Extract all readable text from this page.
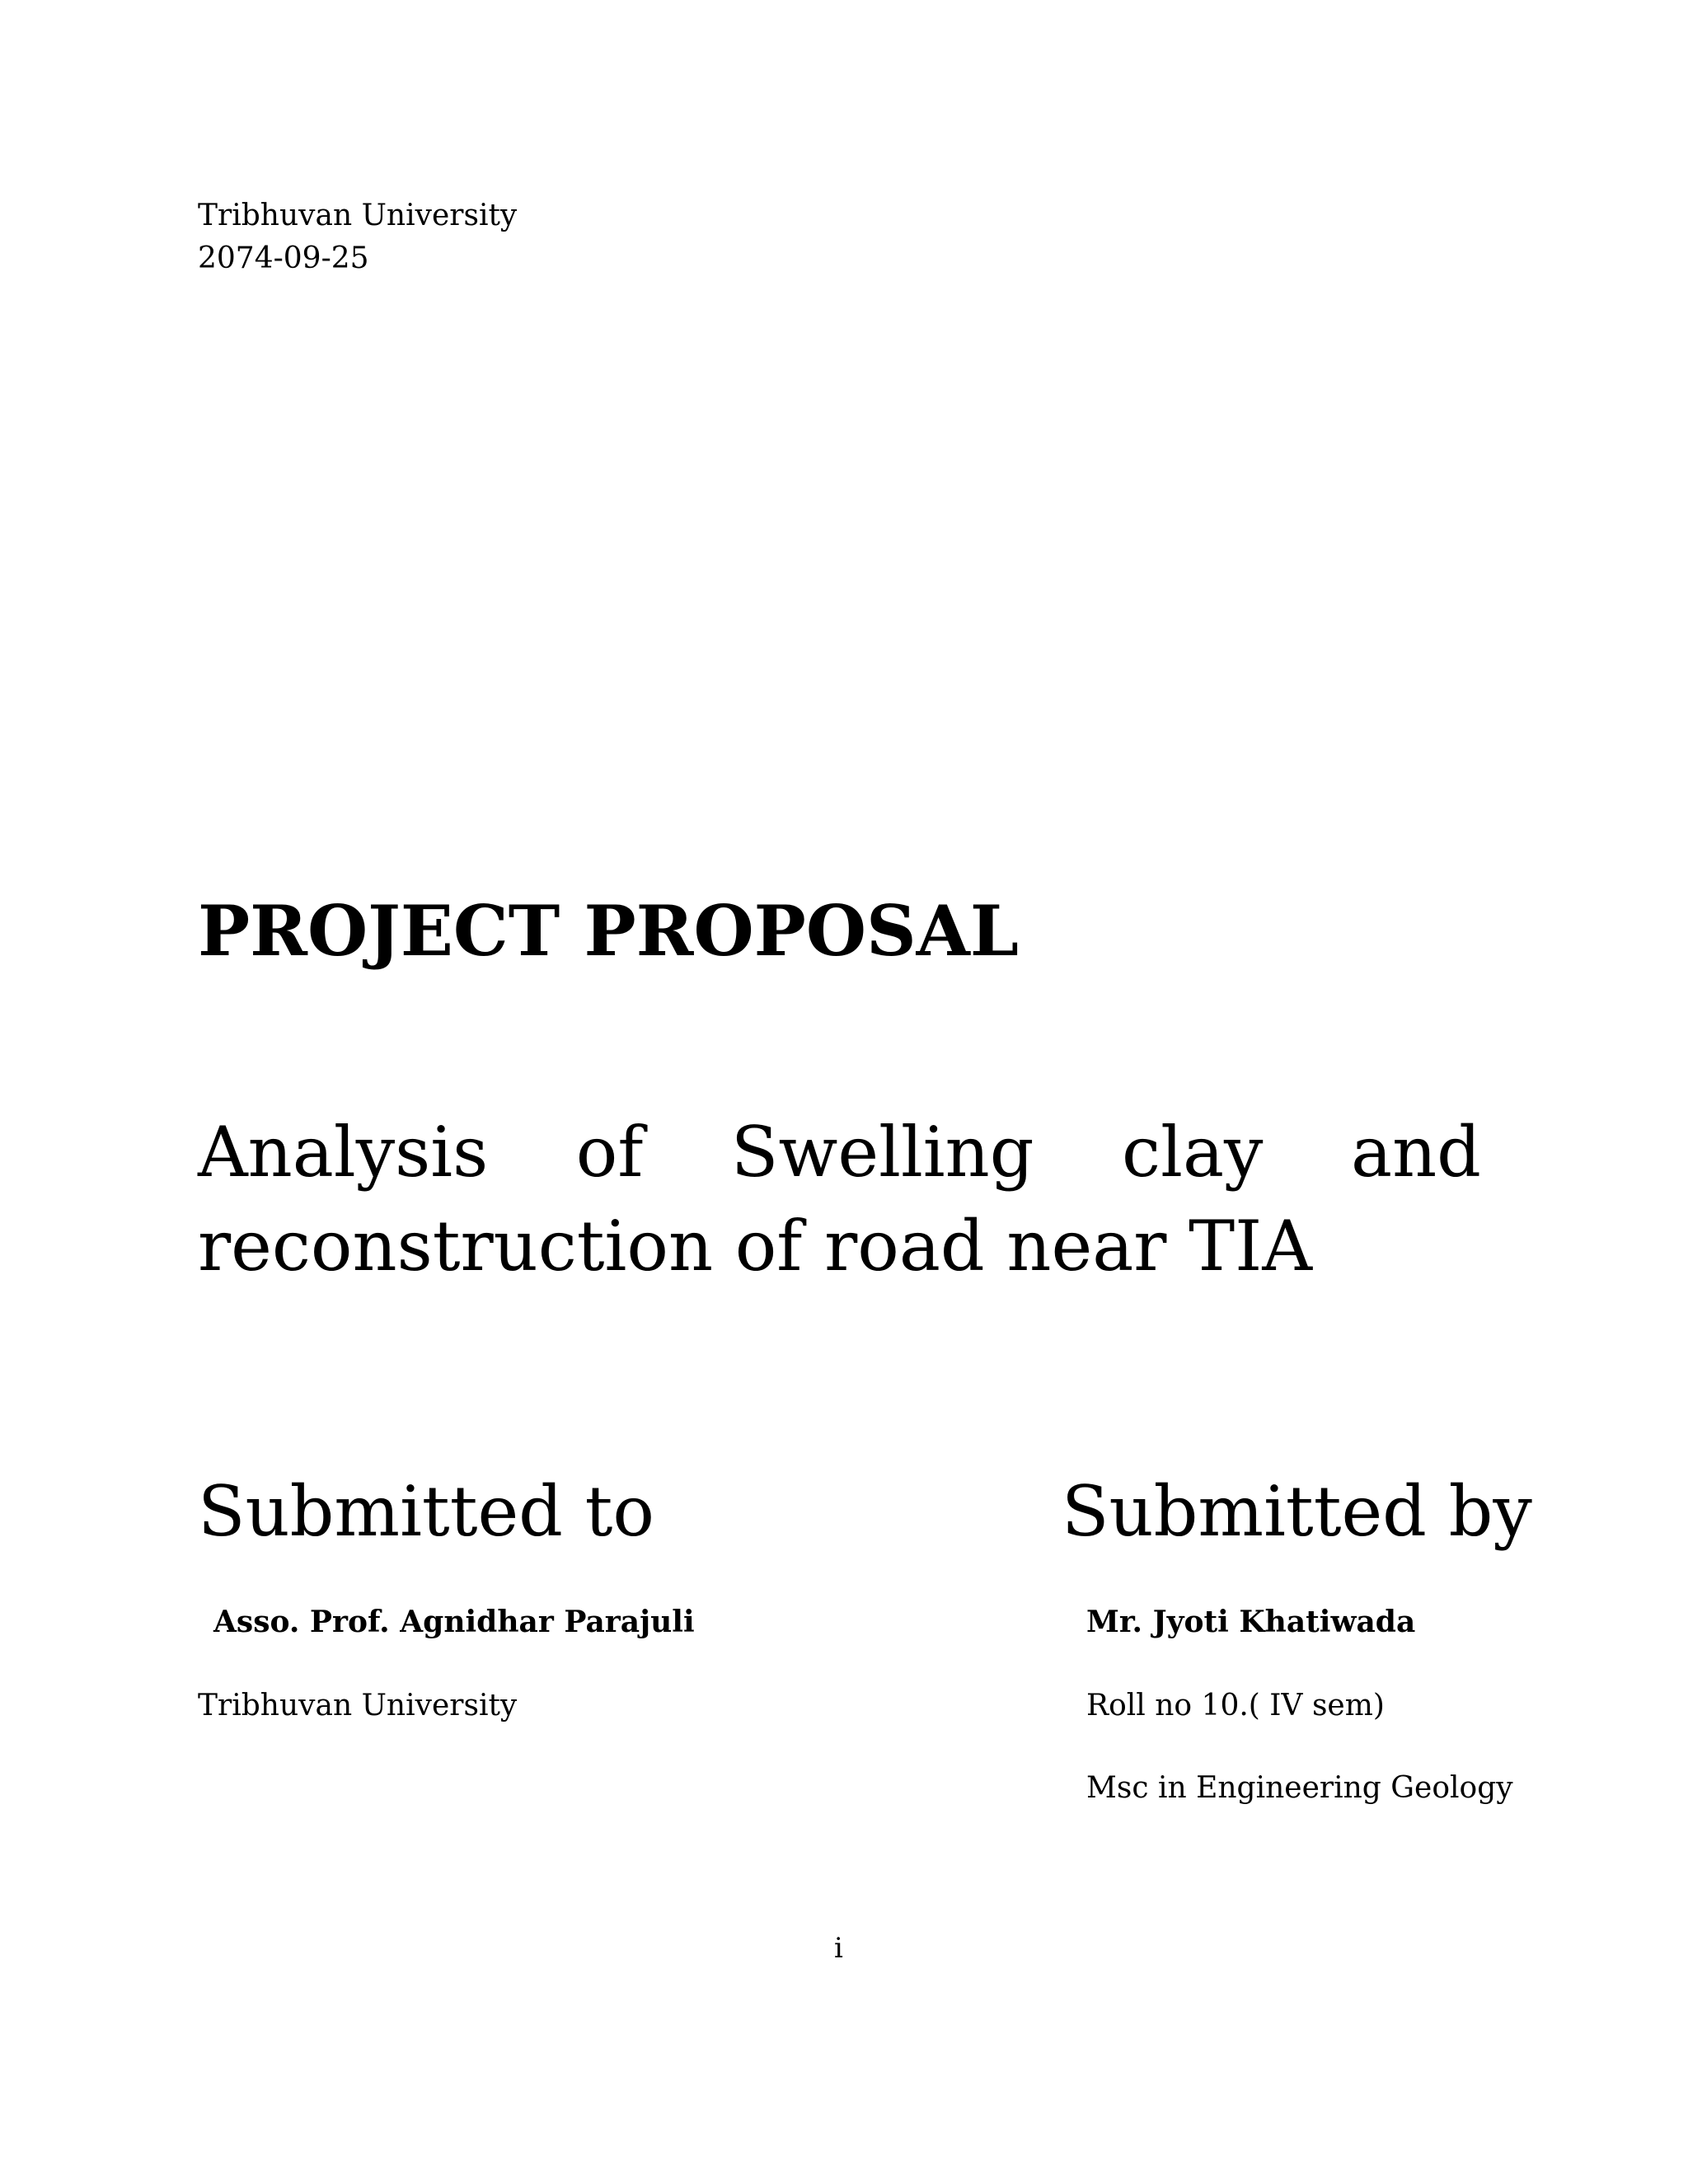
Tribhuvan University
2074-09-25
PROJECT PROPOSAL
Analysis of Swelling clay and
reconstruction of road near TIA
Submitted to
Asso. Prof. Agnidhar Parajuli
Tribhuvan University
Submitted by
Mr. Jyoti Khatiwada
Roll no 10.( IV sem)
Msc in Engineering Geology
i
